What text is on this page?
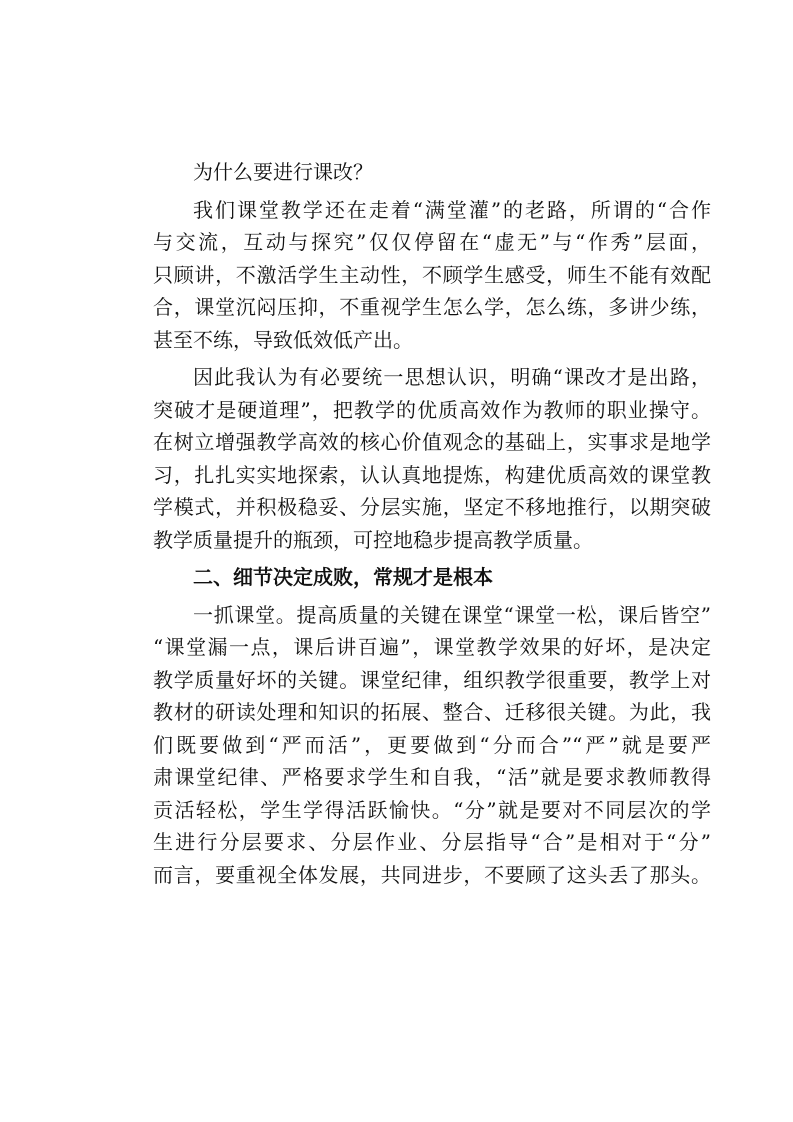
为什么要进行课改？
我们课堂教学还在走着“满堂灌”的老路，所谓的“合作
与交流，互动与探究”仅仅停留在“虚无”与“作秀”层面，
只顾讲，不激活学生主动性，不顾学生感受，师生不能有效配
合，课堂沉闷压抑，不重视学生怎么学，怎么练，多讲少练，
甚至不练，导致低效低产出。
因此我认为有必要统一思想认识，明确“课改才是出路，
突破才是硬道理”，把教学的优质高效作为教师的职业操守。
在树立增强教学高效的核心价值观念的基础上，实事求是地学
习，扎扎实实地探索，认认真地提炼，构建优质高效的课堂教
学模式，并积极稳妥、分层实施，坚定不移地推行，以期突破
教学质量提升的瓶颈，可控地稳步提高教学质量。
二、细节决定成败，常规才是根本
一抓课堂。提高质量的关键在课堂“课堂一松，课后皆空”
“课堂漏一点，课后讲百遍”，课堂教学效果的好坏，是决定
教学质量好坏的关键。课堂纪律，组织教学很重要，教学上对
教材的研读处理和知识的拓展、整合、迁移很关键。为此，我
们既要做到“严而活”，更要做到“分而合”“严”就是要严
肃课堂纪律、严格要求学生和自我，“活”就是要求教师教得
贡活轻松，学生学得活跃愉快。“分”就是要对不同层次的学
生进行分层要求、分层作业、分层指导“合”是相对于“分”
而言，要重视全体发展，共同进步，不要顾了这头丢了那头。
